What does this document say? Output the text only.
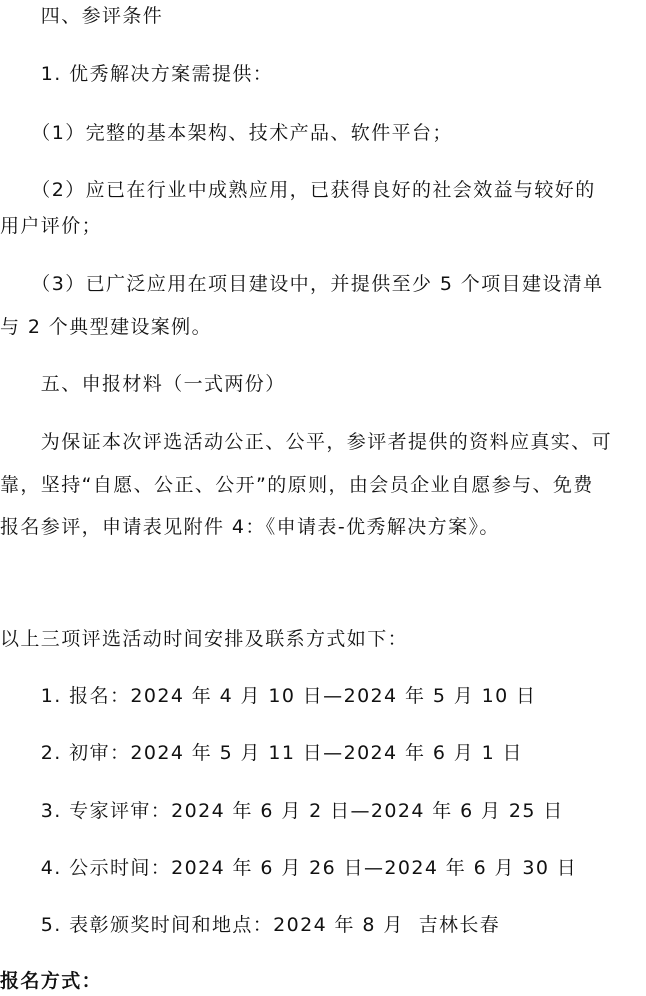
　　四、参评条件
　　1. 优秀解决方案需提供：
　　（1）完整的基本架构、技术产品、软件平台；
　　（2）应已在行业中成熟应用，已获得良好的社会效益与较好的
用户评价；
　　（3）已广泛应用在项目建设中，并提供至少 5 个项目建设清单
与 2 个典型建设案例。
　　五、申报材料（一式两份）
　　为保证本次评选活动公正、公平，参评者提供的资料应真实、可
靠，坚持“自愿、公正、公开”的原则，由会员企业自愿参与、免费
报名参评，申请表见附件 4：《申请表-优秀解决方案》。
以上三项评选活动时间安排及联系方式如下：
　　1. 报名：2024 年 4 月 10 日—2024 年 5 月 10 日
　　2. 初审：2024 年 5 月 11 日—2024 年 6 月 1 日
　　3. 专家评审：2024 年 6 月 2 日—2024 年 6 月 25 日
　　4. 公示时间：2024 年 6 月 26 日—2024 年 6 月 30 日
　　5. 表彰颁奖时间和地点：2024 年 8 月  吉林长春
报名方式：
